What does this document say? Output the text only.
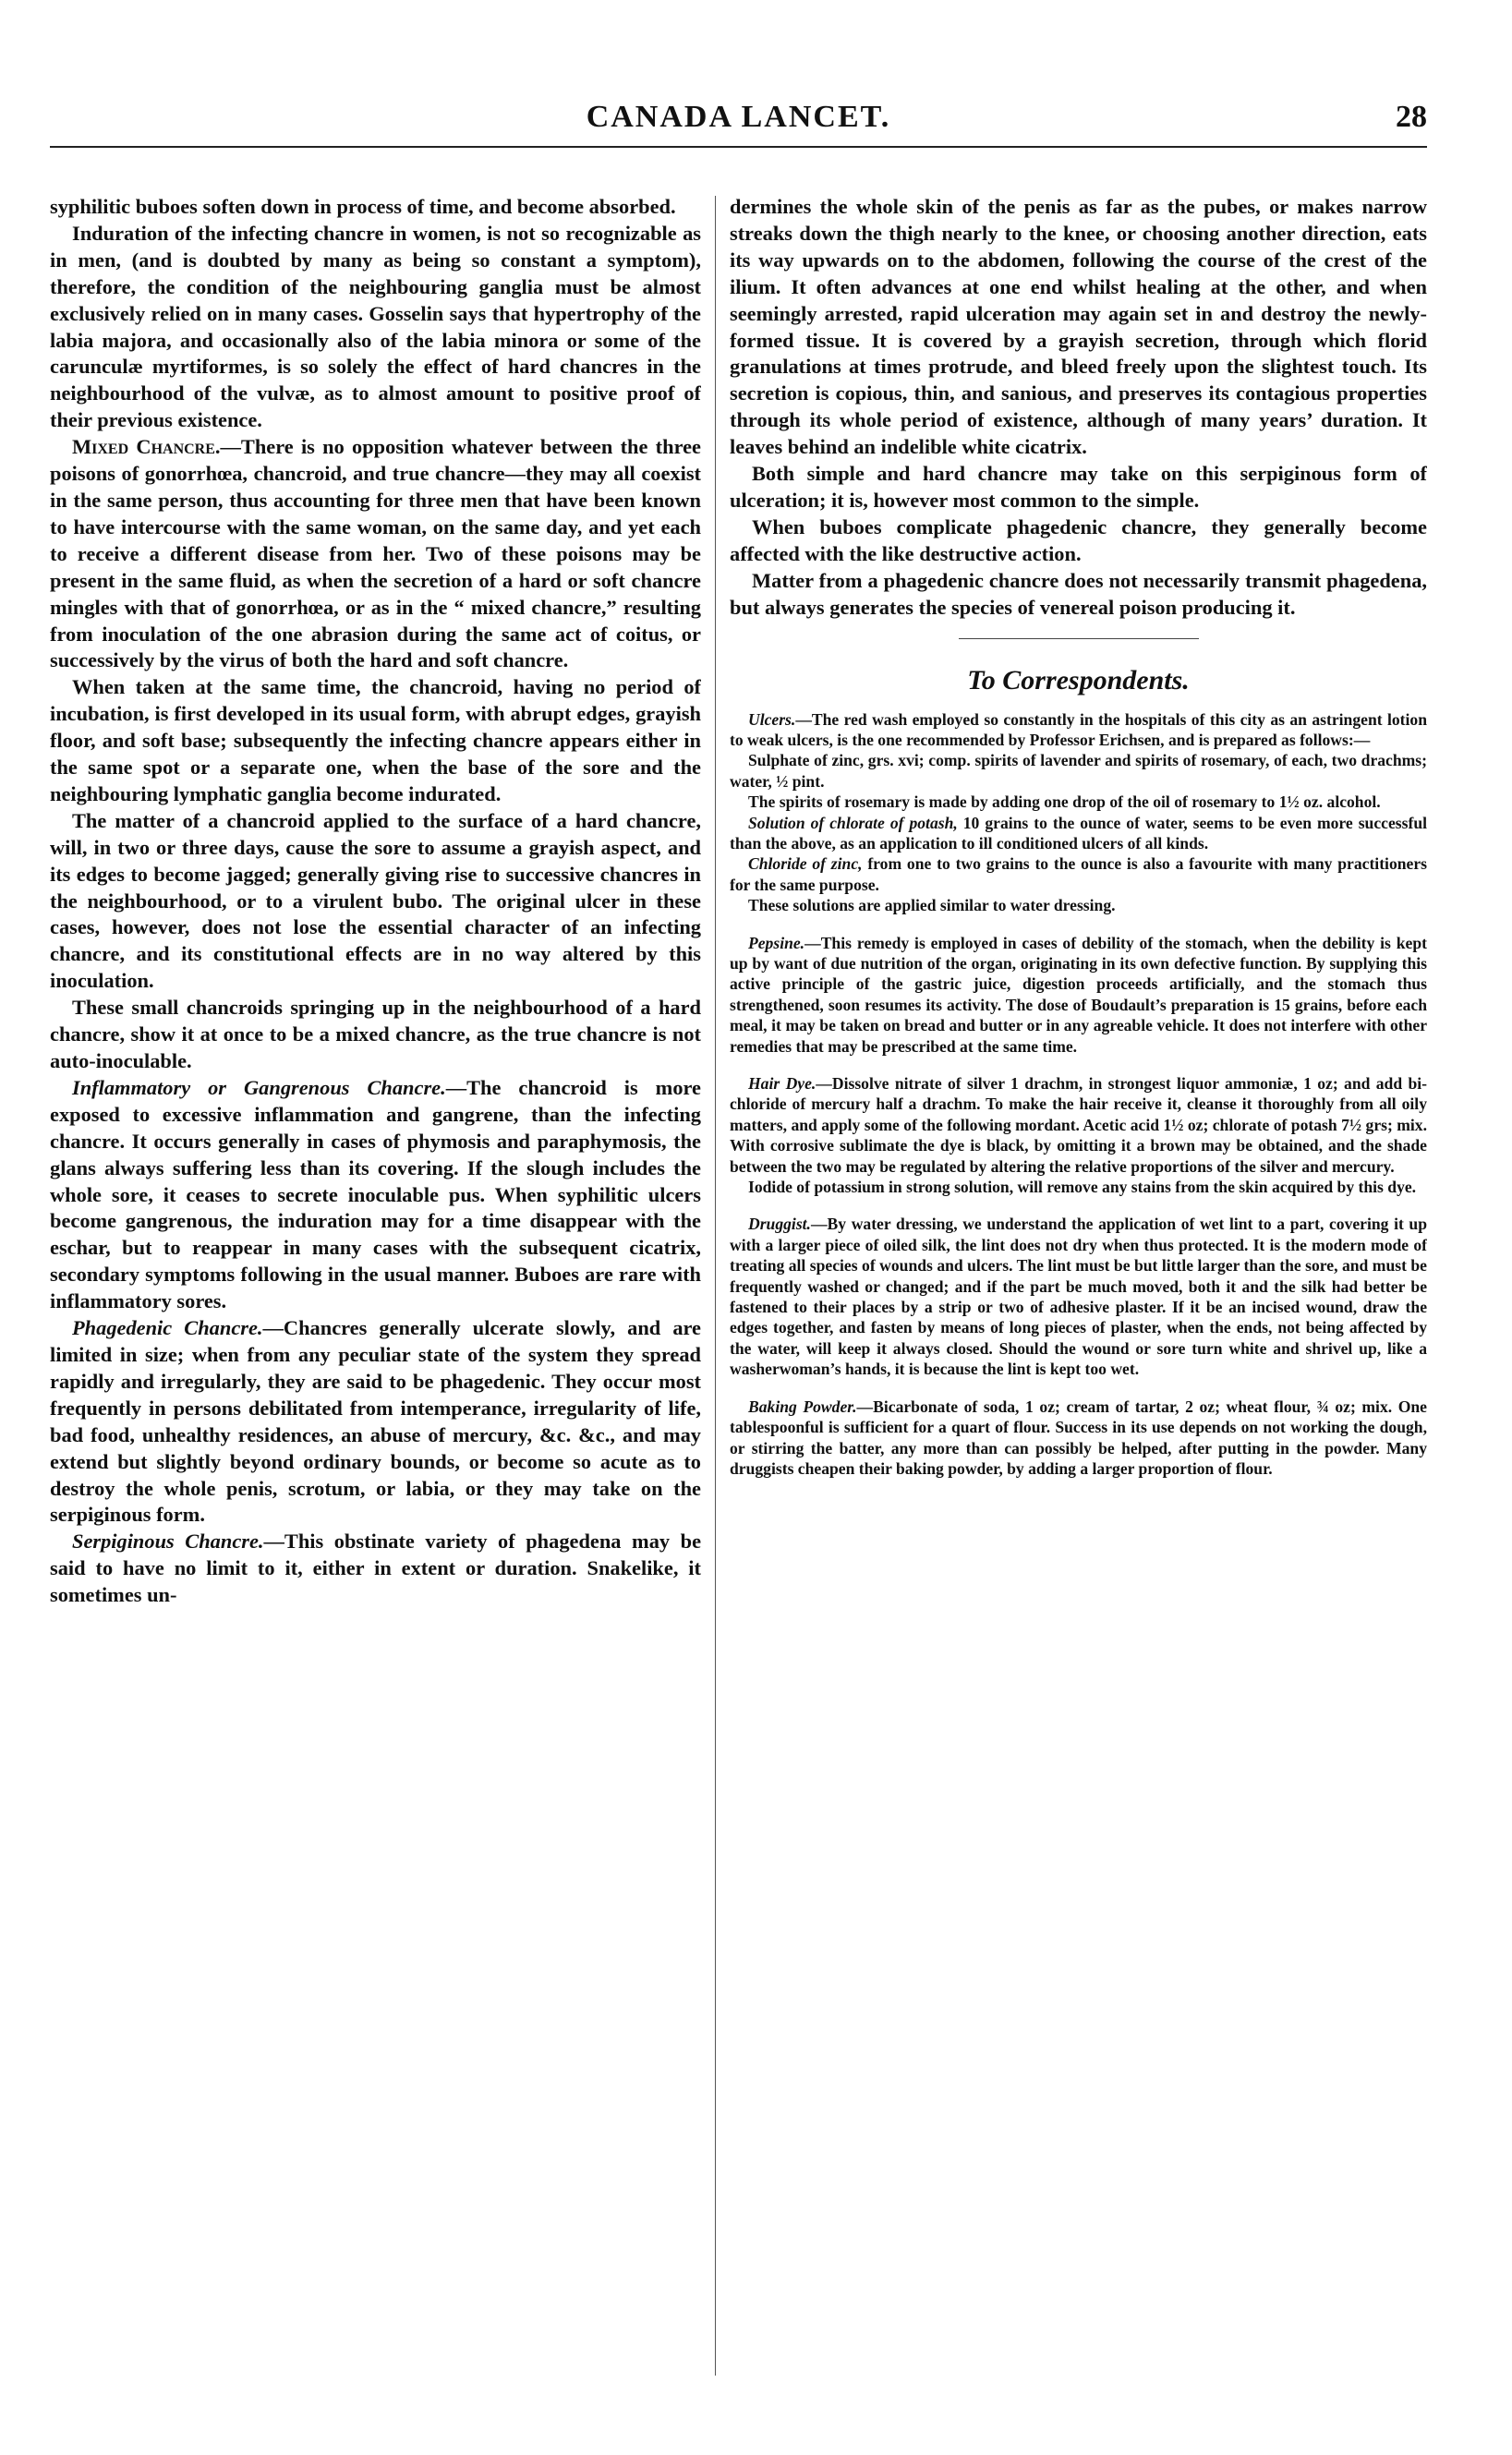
CANADA LANCET.	28

syphilitic buboes soften down in process of time, and become absorbed.

Induration of the infecting chancre in women, is not so recognizable as in men, (and is doubted by many as being so constant a symptom), therefore, the condition of the neighbouring ganglia must be almost exclusively relied on in many cases. Gosselin says that hypertrophy of the labia majora, and occasionally also of the labia minora or some of the carunculæ myrtiformes, is so solely the effect of hard chancres in the neighbourhood of the vulvæ, as to almost amount to positive proof of their previous existence.

Mixed Chancre.—There is no opposition whatever between the three poisons of gonorrhœa, chancroid, and true chancre—they may all coexist in the same person, thus accounting for three men that have been known to have intercourse with the same woman, on the same day, and yet each to receive a different disease from her. Two of these poisons may be present in the same fluid, as when the secretion of a hard or soft chancre mingles with that of gonorrhœa, or as in the “ mixed chancre,” resulting from inoculation of the one abrasion during the same act of coitus, or successively by the virus of both the hard and soft chancre.

When taken at the same time, the chancroid, having no period of incubation, is first developed in its usual form, with abrupt edges, grayish floor, and soft base; subsequently the infecting chancre appears either in the same spot or a separate one, when the base of the sore and the neighbouring lymphatic ganglia become indurated.

The matter of a chancroid applied to the surface of a hard chancre, will, in two or three days, cause the sore to assume a grayish aspect, and its edges to become jagged; generally giving rise to successive chancres in the neighbourhood, or to a virulent bubo. The original ulcer in these cases, however, does not lose the essential character of an infecting chancre, and its constitutional effects are in no way altered by this inoculation.

These small chancroids springing up in the neighbourhood of a hard chancre, show it at once to be a mixed chancre, as the true chancre is not auto-inoculable.

Inflammatory or Gangrenous Chancre.—The chancroid is more exposed to excessive inflammation and gangrene, than the infecting chancre. It occurs generally in cases of phymosis and paraphymosis, the glans always suffering less than its covering. If the slough includes the whole sore, it ceases to secrete inoculable pus. When syphilitic ulcers become gangrenous, the induration may for a time disappear with the eschar, but to reappear in many cases with the subsequent cicatrix, secondary symptoms following in the usual manner. Buboes are rare with inflammatory sores.

Phagedenic Chancre.—Chancres generally ulcerate slowly, and are limited in size; when from any peculiar state of the system they spread rapidly and irregularly, they are said to be phagedenic. They occur most frequently in persons debilitated from intemperance, irregularity of life, bad food, unhealthy residences, an abuse of mercury, &c. &c., and may extend but slightly beyond ordinary bounds, or become so acute as to destroy the whole penis, scrotum, or labia, or they may take on the serpiginous form.

Serpiginous Chancre.—This obstinate variety of phagedena may be said to have no limit to it, either in extent or duration. Snakelike, it sometimes un-

dermines the whole skin of the penis as far as the pubes, or makes narrow streaks down the thigh nearly to the knee, or choosing another direction, eats its way upwards on to the abdomen, following the course of the crest of the ilium. It often advances at one end whilst healing at the other, and when seemingly arrested, rapid ulceration may again set in and destroy the newly-formed tissue. It is covered by a grayish secretion, through which florid granulations at times protrude, and bleed freely upon the slightest touch. Its secretion is copious, thin, and sanious, and preserves its contagious properties through its whole period of existence, although of many years’ duration. It leaves behind an indelible white cicatrix.

Both simple and hard chancre may take on this serpiginous form of ulceration; it is, however most common to the simple.

When buboes complicate phagedenic chancre, they generally become affected with the like destructive action.

Matter from a phagedenic chancre does not necessarily transmit phagedena, but always generates the species of venereal poison producing it.

To Correspondents.

Ulcers.—The red wash employed so constantly in the hospitals of this city as an astringent lotion to weak ulcers, is the one recommended by Professor Erichsen, and is prepared as follows:—

Sulphate of zinc, grs. xvi; comp. spirits of lavender and spirits of rosemary, of each, two drachms; water, ½ pint.

The spirits of rosemary is made by adding one drop of the oil of rosemary to 1½ oz. alcohol.

Solution of chlorate of potash, 10 grains to the ounce of water, seems to be even more successful than the above, as an application to ill conditioned ulcers of all kinds.

Chloride of zinc, from one to two grains to the ounce is also a favourite with many practitioners for the same purpose.

These solutions are applied similar to water dressing.

Pepsine.—This remedy is employed in cases of debility of the stomach, when the debility is kept up by want of due nutrition of the organ, originating in its own defective function. By supplying this active principle of the gastric juice, digestion proceeds artificially, and the stomach thus strengthened, soon resumes its activity. The dose of Boudault’s preparation is 15 grains, before each meal, it may be taken on bread and butter or in any agreable vehicle. It does not interfere with other remedies that may be prescribed at the same time.

Hair Dye.—Dissolve nitrate of silver 1 drachm, in strongest liquor ammoniæ, 1 oz; and add bi-chloride of mercury half a drachm. To make the hair receive it, cleanse it thoroughly from all oily matters, and apply some of the following mordant. Acetic acid 1½ oz; chlorate of potash 7½ grs; mix. With corrosive sublimate the dye is black, by omitting it a brown may be obtained, and the shade between the two may be regulated by altering the relative proportions of the silver and mercury.

Iodide of potassium in strong solution, will remove any stains from the skin acquired by this dye.

Druggist.—By water dressing, we understand the application of wet lint to a part, covering it up with a larger piece of oiled silk, the lint does not dry when thus protected. It is the modern mode of treating all species of wounds and ulcers. The lint must be but little larger than the sore, and must be frequently washed or changed; and if the part be much moved, both it and the silk had better be fastened to their places by a strip or two of adhesive plaster. If it be an incised wound, draw the edges together, and fasten by means of long pieces of plaster, when the ends, not being affected by the water, will keep it always closed. Should the wound or sore turn white and shrivel up, like a washerwoman’s hands, it is because the lint is kept too wet.

Baking Powder.—Bicarbonate of soda, 1 oz; cream of tartar, 2 oz; wheat flour, ¾ oz; mix. One tablespoonful is sufficient for a quart of flour. Success in its use depends on not working the dough, or stirring the batter, any more than can possibly be helped, after putting in the powder. Many druggists cheapen their baking powder, by adding a larger proportion of flour.
